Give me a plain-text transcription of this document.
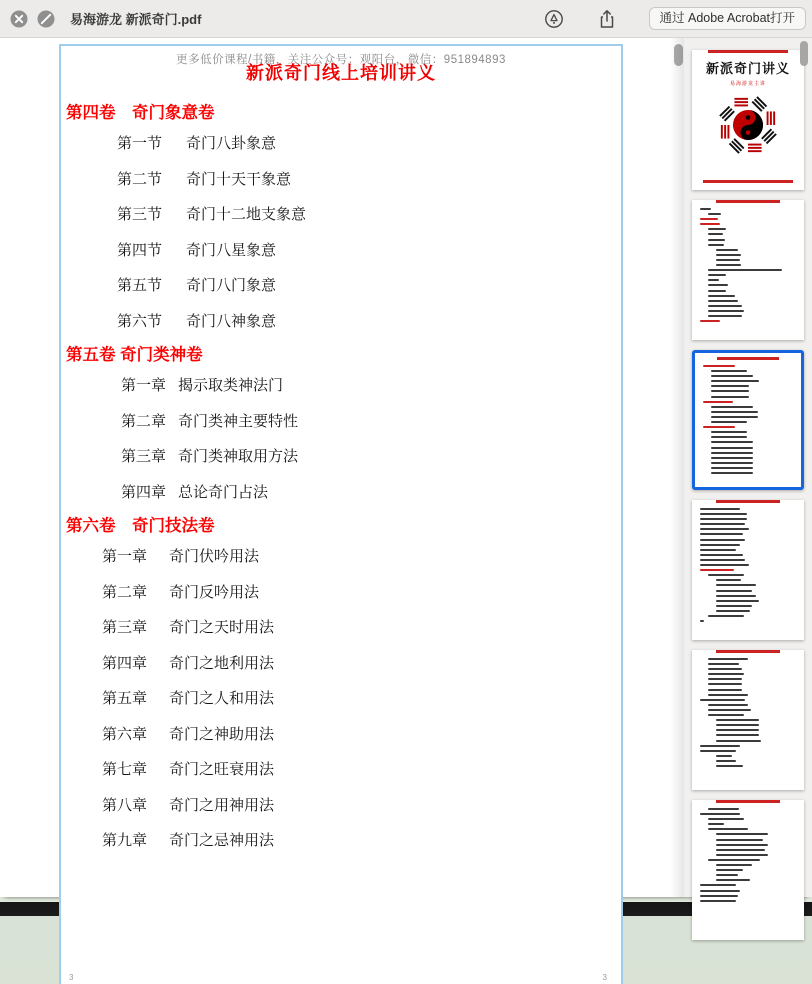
易海游龙 新派奇门.pdf	通过 Adobe Acrobat打开
更多低价课程/书籍，关注公众号：观阳台，微信：951894893
新派奇门线上培训讲义
第四卷　奇门象意卷
第一节 奇门八卦象意
第二节 奇门十天干象意
第三节 奇门十二地支象意
第四节 奇门八星象意
第五节 奇门八门象意
第六节 奇门八神象意
第五卷 奇门类神卷
第一章 揭示取类神法门
第二章 奇门类神主要特性
第三章 奇门类神取用方法
第四章 总论奇门占法
第六卷　奇门技法卷
第一章 奇门伏吟用法
第二章 奇门反吟用法
第三章 奇门之天时用法
第四章 奇门之地利用法
第五章 奇门之人和用法
第六章 奇门之神助用法
第七章 奇门之旺衰用法
第八章 奇门之用神用法
第九章 奇门之忌神用法
3	3
新派奇门讲义
易海游龙主讲
